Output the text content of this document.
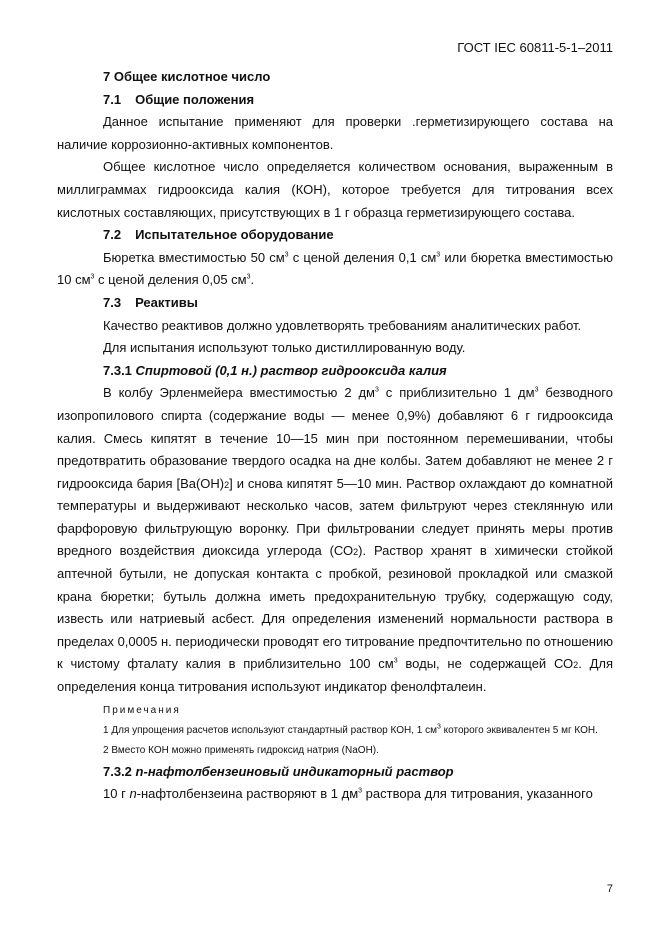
ГОСТ IEC 60811-5-1–2011

7 Общее кислотное число

7.1 Общие положения

Данное испытание применяют для проверки .герметизирующего состава на наличие коррозионно-активных компонентов.

Общее кислотное число определяется количеством основания, выраженным в миллиграммах гидрооксида калия (КОН), которое требуется для титрования всех кислотных составляющих, присутствующих в 1 г образца герметизирующего состава.

7.2 Испытательное оборудование

Бюретка вместимостью 50 $см^3$ с ценой деления 0,1 $см^3$ или бюретка вместимостью 10 $см^3$ с ценой деления 0,05 $см^3$.

7.3 Реактивы

Качество реактивов должно удовлетворять требованиям аналитических работ.

Для испытания используют только дистиллированную воду.

7.3.1 Спиртовой (0,1 н.) раствор гидрооксида калия

В колбу Эрленмейера вместимостью 2 $дм^3$ с приблизительно 1 $дм^3$ безводного изопропилового спирта (содержание воды — менее 0,9%) добавляют 6 г гидрооксида калия. Смесь кипятят в течение 10—15 мин при постоянном перемешивании, чтобы предотвратить образование твердого осадка на дне колбы. Затем добавляют не менее 2 г гидрооксида бария [Ва(ОН)2] и снова кипятят 5—10 мин. Раствор охлаждают до комнатной температуры и выдерживают несколько часов, затем фильтруют через стеклянную или фарфоровую фильтрующую воронку. При фильтровании следует принять меры против вредного воздействия диоксида углерода (СО2). Раствор хранят в химически стойкой аптечной бутыли, не допуская контакта с пробкой, резиновой прокладкой или смазкой крана бюретки; бутыль должна иметь предохранительную трубку, содержащую соду, известь или натриевый асбест. Для определения изменений нормальности раствора в пределах 0,0005 н. периодически проводят его титрование предпочтительно по отношению к чистому фталату калия в приблизительно 100 $см^3$ воды, не содержащей СО2. Для определения конца титрования используют индикатор фенолфталеин.

Примечания

1 Для упрощения расчетов используют стандартный раствор КОН, 1 $см^3$ которого эквивалентен 5 мг КОН.

2 Вместо КОН можно применять гидроксид натрия (NaOH).

7.3.2 n-нафтолбензеиновый индикаторный раствор

10 г n-нафтолбензеина растворяют в 1 $дм^3$ раствора для титрования, указанного

7
